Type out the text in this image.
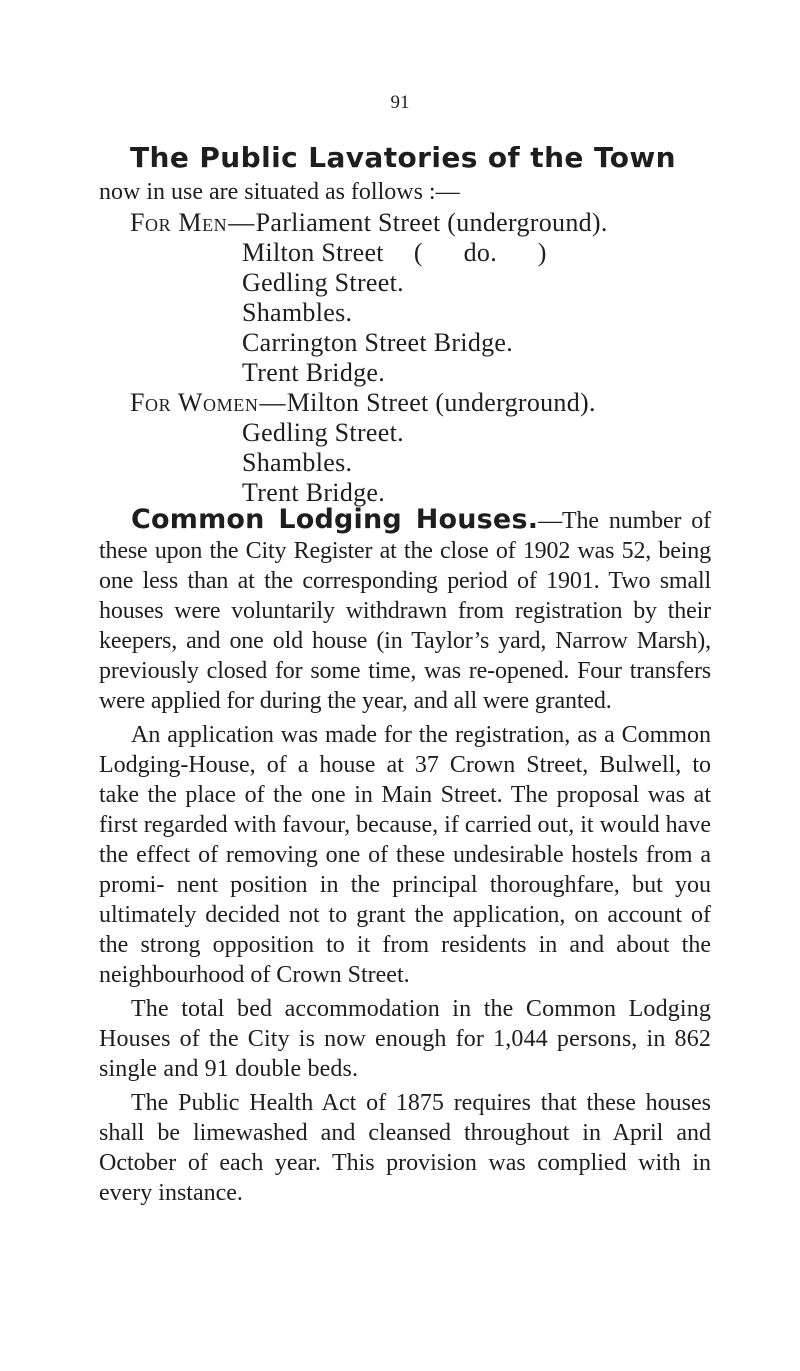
91
The Public Lavatories of the Town
now in use are situated as follows :—
For Men—Parliament Street (underground).
Milton Street (      do.      )
Gedling Street.
Shambles.
Carrington Street Bridge.
Trent Bridge.
For Women—Milton Street (underground).
Gedling Street.
Shambles.
Trent Bridge.

Common Lodging Houses.—The number of these upon the City Register at the close of 1902 was 52, being one less than at the corresponding period of 1901. Two small houses were voluntarily withdrawn from registration by their keepers, and one old house (in Taylor’s yard, Narrow Marsh), previously closed for some time, was re-opened. Four transfers were applied for during the year, and all were granted.

An application was made for the registration, as a Common Lodging-House, of a house at 37 Crown Street, Bulwell, to take the place of the one in Main Street. The proposal was at first regarded with favour, because, if carried out, it would have the effect of removing one of these undesirable hostels from a promi- nent position in the principal thoroughfare, but you ultimately decided not to grant the application, on account of the strong opposition to it from residents in and about the neighbourhood of Crown Street.

The total bed accommodation in the Common Lodging Houses of the City is now enough for 1,044 persons, in 862 single and 91 double beds.

The Public Health Act of 1875 requires that these houses shall be limewashed and cleansed throughout in April and October of each year. This provision was complied with in every instance.
